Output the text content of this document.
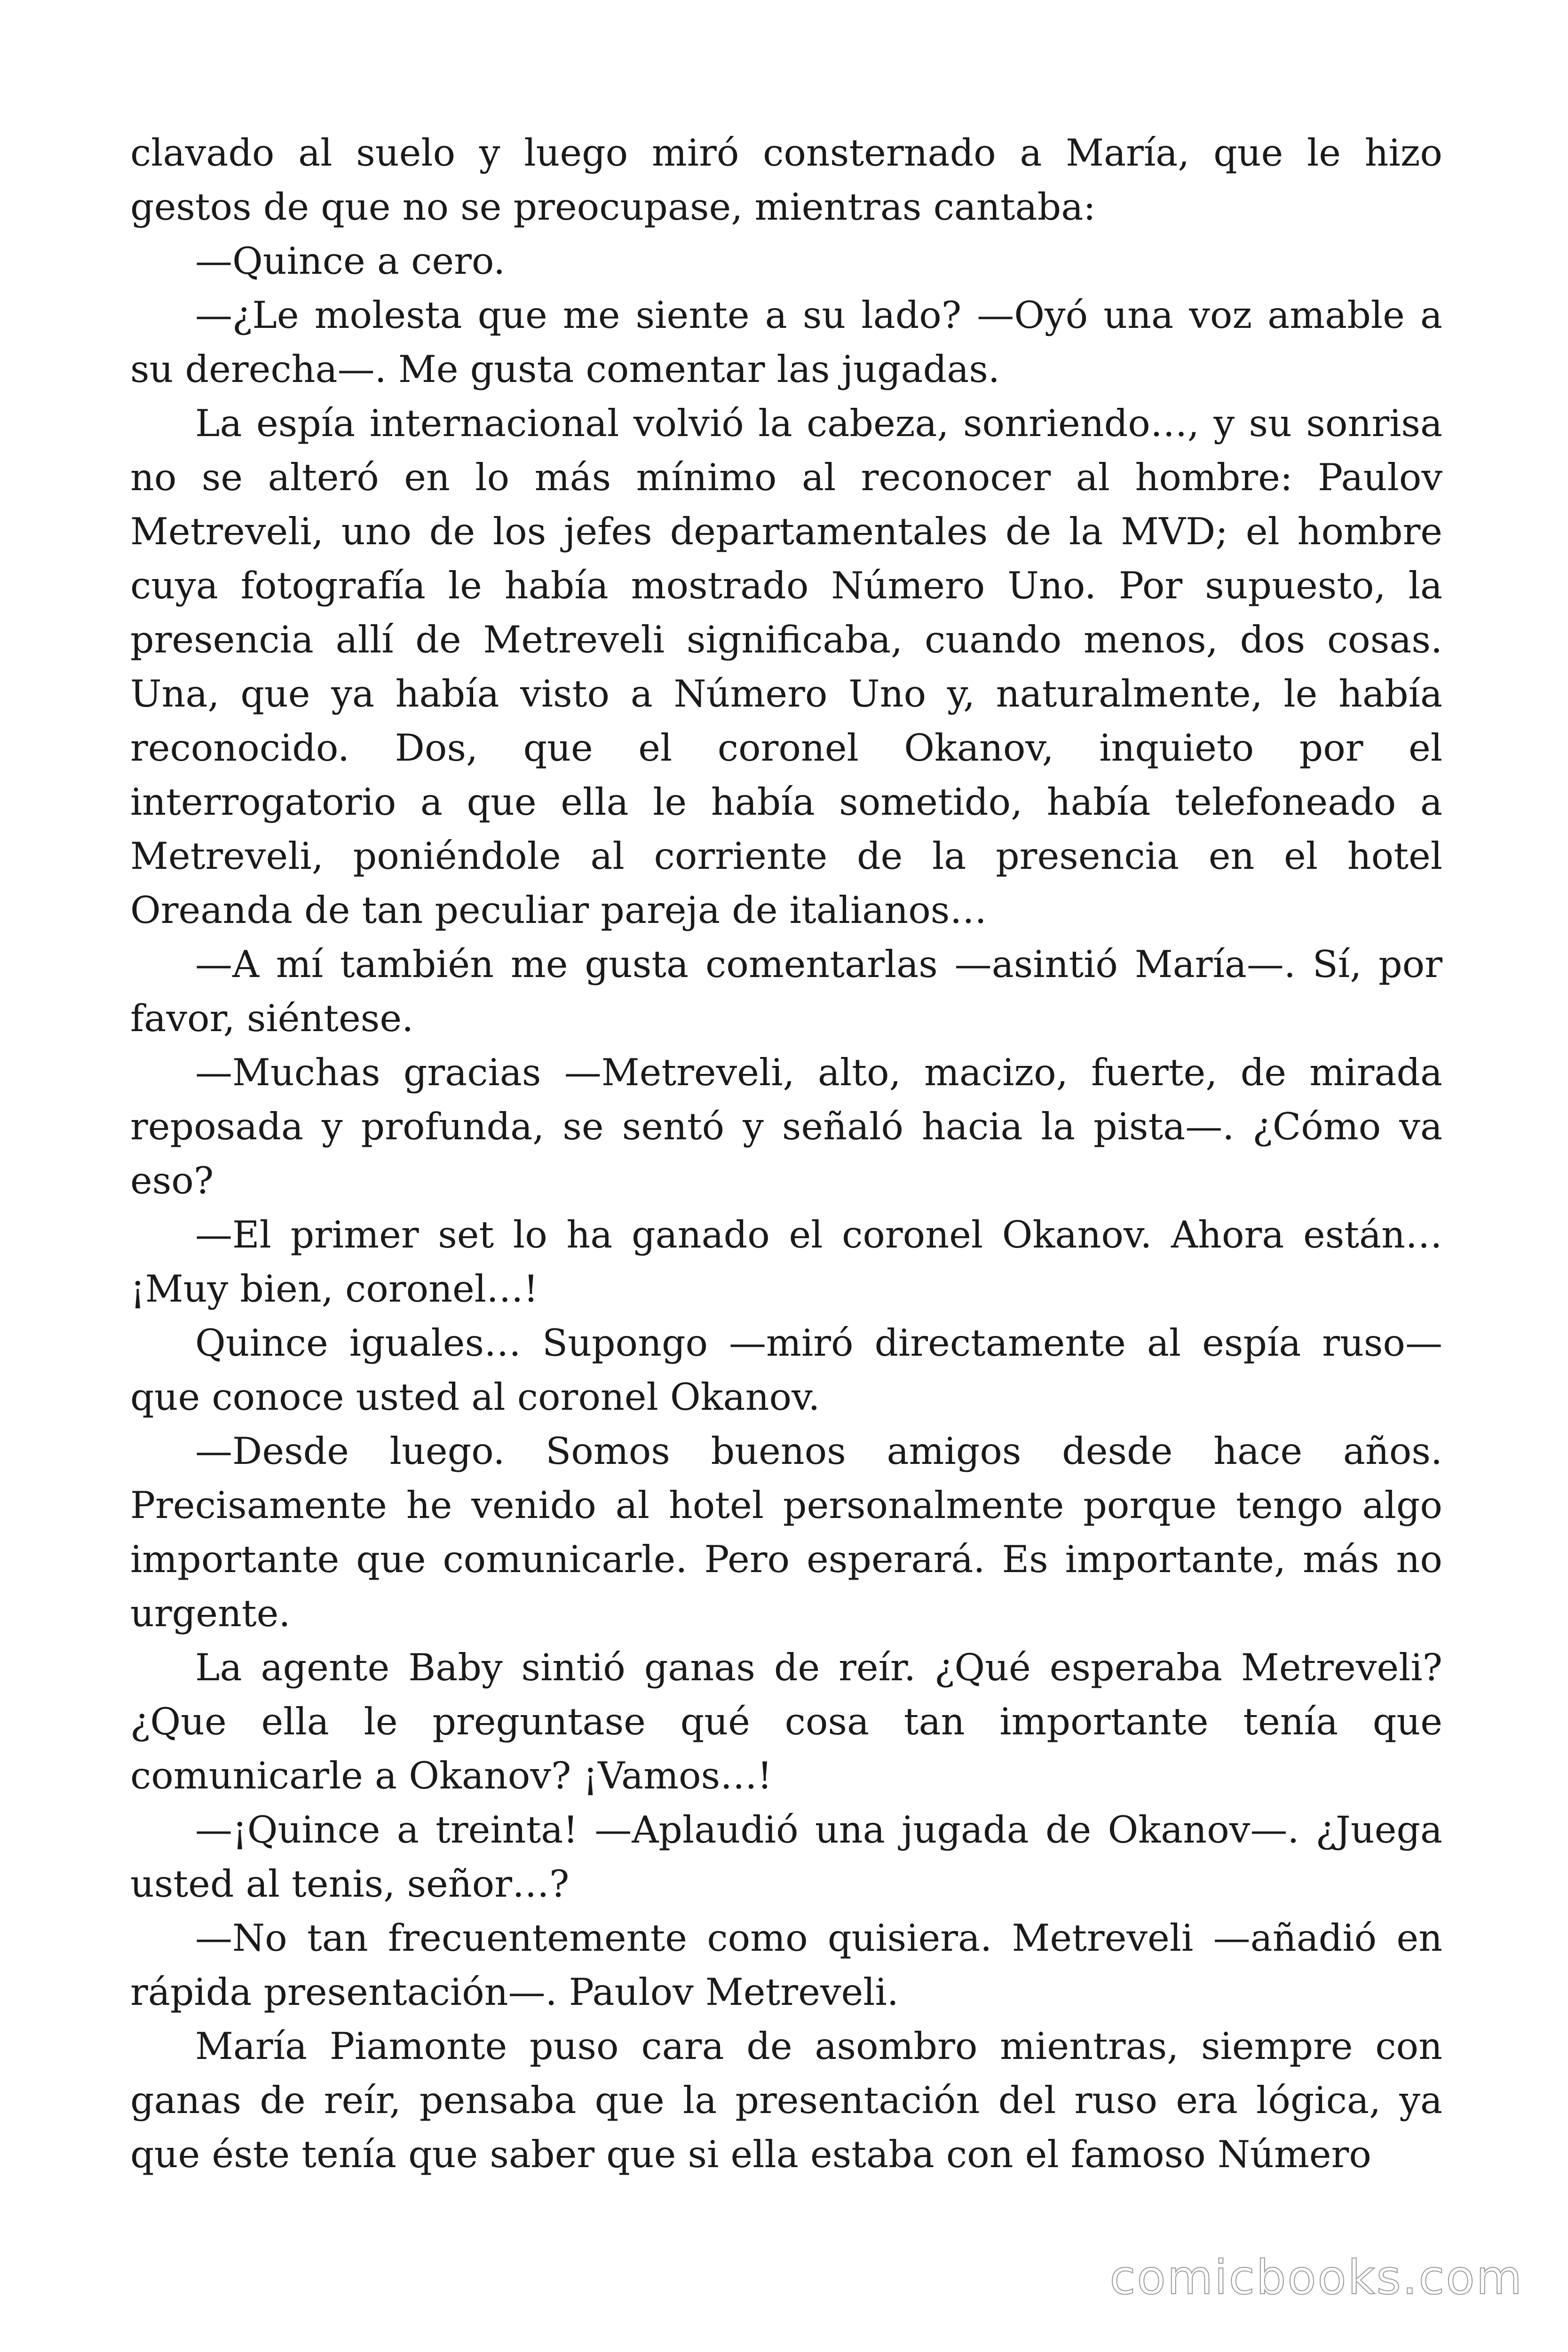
clavado al suelo y luego miró consternado a María, que le hizo gestos de que no se preocupase, mientras cantaba:

—Quince a cero.

—¿Le molesta que me siente a su lado? —Oyó una voz amable a su derecha—. Me gusta comentar las jugadas.

La espía internacional volvió la cabeza, sonriendo…, y su sonrisa no se alteró en lo más mínimo al reconocer al hombre: Paulov Metreveli, uno de los jefes departamentales de la MVD; el hombre cuya fotografía le había mostrado Número Uno. Por supuesto, la presencia allí de Metreveli significaba, cuando menos, dos cosas. Una, que ya había visto a Número Uno y, naturalmente, le había reconocido. Dos, que el coronel Okanov, inquieto por el interrogatorio a que ella le había sometido, había telefoneado a Metreveli, poniéndole al corriente de la presencia en el hotel Oreanda de tan peculiar pareja de italianos…

—A mí también me gusta comentarlas —asintió María—. Sí, por favor, siéntese.

—Muchas gracias —Metreveli, alto, macizo, fuerte, de mirada reposada y profunda, se sentó y señaló hacia la pista—. ¿Cómo va eso?

—El primer set lo ha ganado el coronel Okanov. Ahora están… ¡Muy bien, coronel…!

Quince iguales… Supongo —miró directamente al espía ruso— que conoce usted al coronel Okanov.

—Desde luego. Somos buenos amigos desde hace años. Precisamente he venido al hotel personalmente porque tengo algo importante que comunicarle. Pero esperará. Es importante, más no urgente.

La agente Baby sintió ganas de reír. ¿Qué esperaba Metreveli? ¿Que ella le preguntase qué cosa tan importante tenía que comunicarle a Okanov? ¡Vamos…!

—¡Quince a treinta! —Aplaudió una jugada de Okanov—. ¿Juega usted al tenis, señor…?

—No tan frecuentemente como quisiera. Metreveli —añadió en rápida presentación—. Paulov Metreveli.

María Piamonte puso cara de asombro mientras, siempre con ganas de reír, pensaba que la presentación del ruso era lógica, ya que éste tenía que saber que si ella estaba con el famoso Número

comicbooks.com
